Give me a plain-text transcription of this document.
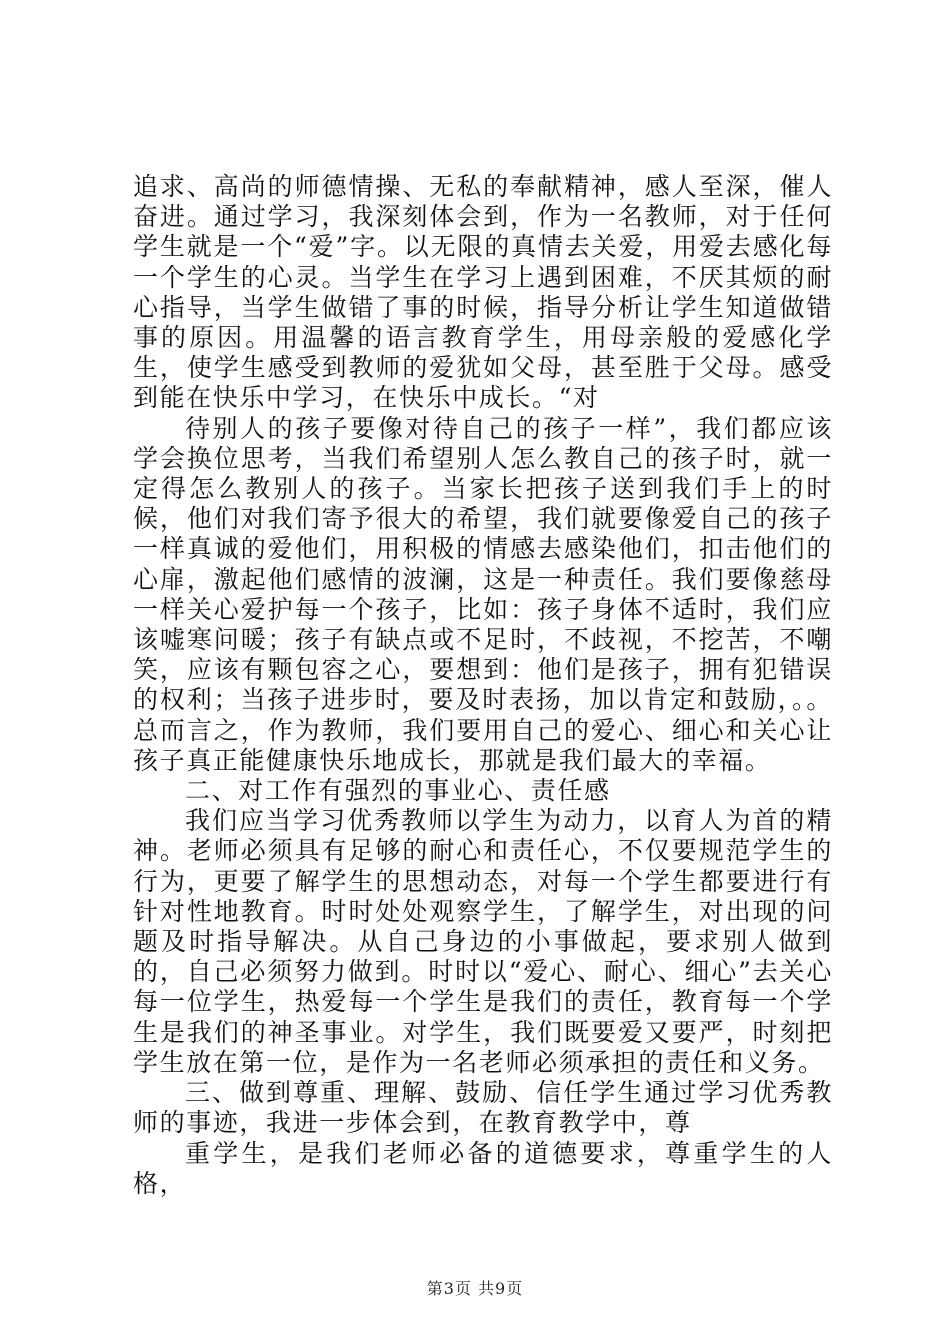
追求、高尚的师德情操、无私的奉献精神，感人至深，催人奋进。通过学习，我深刻体会到，作为一名教师，对于任何学生就是一个“爱”字。以无限的真情去关爱，用爱去感化每一个学生的心灵。当学生在学习上遇到困难，不厌其烦的耐心指导，当学生做错了事的时候，指导分析让学生知道做错事的原因。用温馨的语言教育学生，用母亲般的爱感化学生，使学生感受到教师的爱犹如父母，甚至胜于父母。感受到能在快乐中学习，在快乐中成长。“对

待别人的孩子要像对待自己的孩子一样”，我们都应该学会换位思考，当我们希望别人怎么教自己的孩子时，就一定得怎么教别人的孩子。当家长把孩子送到我们手上的时候，他们对我们寄予很大的希望，我们就要像爱自己的孩子一样真诚的爱他们，用积极的情感去感染他们，扣击他们的心扉，激起他们感情的波澜，这是一种责任。我们要像慈母一样关心爱护每一个孩子，比如：孩子身体不适时，我们应该嘘寒问暖；孩子有缺点或不足时，不歧视，不挖苦，不嘲笑，应该有颗包容之心，要想到：他们是孩子，拥有犯错误的权利；当孩子进步时，要及时表扬，加以肯定和鼓励，。。总而言之，作为教师，我们要用自己的爱心、细心和关心让孩子真正能健康快乐地成长，那就是我们最大的幸福。

二、对工作有强烈的事业心、责任感

我们应当学习优秀教师以学生为动力，以育人为首的精神。老师必须具有足够的耐心和责任心，不仅要规范学生的行为，更要了解学生的思想动态，对每一个学生都要进行有针对性地教育。时时处处观察学生，了解学生，对出现的问题及时指导解决。从自己身边的小事做起，要求别人做到的，自己必须努力做到。时时以“爱心、耐心、细心”去关心每一位学生，热爱每一个学生是我们的责任，教育每一个学生是我们的神圣事业。对学生，我们既要爱又要严，时刻把学生放在第一位，是作为一名老师必须承担的责任和义务。

三、做到尊重、理解、鼓励、信任学生通过学习优秀教师的事迹，我进一步体会到，在教育教学中，尊

重学生，是我们老师必备的道德要求，尊重学生的人格，

第3页 共9页
